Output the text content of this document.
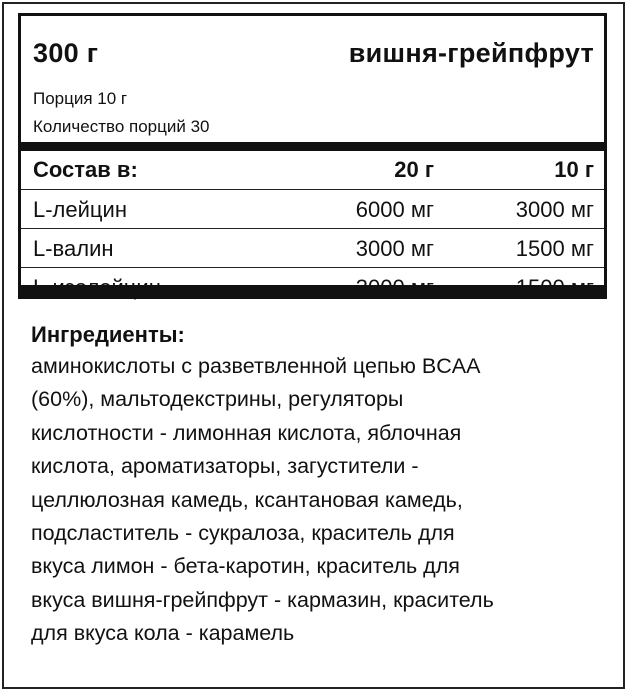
300 г	вишня-грейпфрут
Порция 10 г
Количество порций 30
Состав в:	20 г	10 г
L-лейцин	6000 мг	3000 мг
L-валин	3000 мг	1500 мг
Ингредиенты:
аминокислоты с разветвленной цепью BCAA
(60%), мальтодекстрины, регуляторы
кислотности - лимонная кислота, яблочная
кислота, ароматизаторы, загустители -
целлюлозная камедь, ксантановая камедь,
подсластитель - сукралоза, краситель для
вкуса лимон - бета-каротин, краситель для
вкуса вишня-грейпфрут - кармазин, краситель
для вкуса кола - карамель
